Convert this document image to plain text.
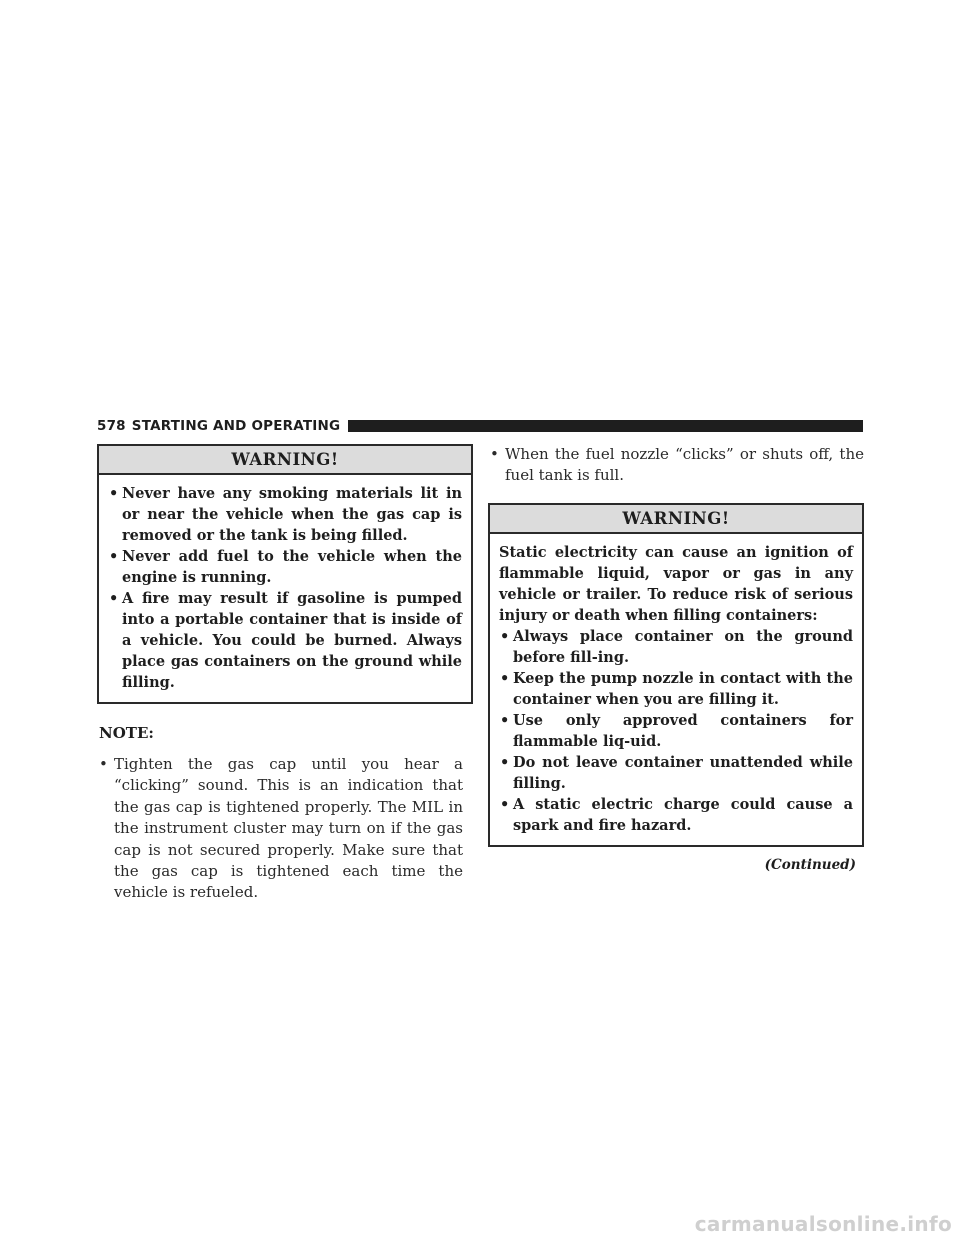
578 STARTING AND OPERATING
WARNING!
• Never have any smoking materials lit in or near the vehicle when the gas cap is removed or the tank is being filled.
• Never add fuel to the vehicle when the engine is running.
• A fire may result if gasoline is pumped into a portable container that is inside of a vehicle. You could be burned. Always place gas containers on the ground while filling.
NOTE:
• Tighten the gas cap until you hear a “clicking” sound. This is an indication that the gas cap is tightened properly. The MIL in the instrument cluster may turn on if the gas cap is not secured properly. Make sure that the gas cap is tightened each time the vehicle is refueled.
• When the fuel nozzle “clicks” or shuts off, the fuel tank is full.
WARNING!

Static electricity can cause an ignition of flammable liquid, vapor or gas in any vehicle or trailer. To reduce risk of serious injury or death when filling containers:

• Always place container on the ground before fill-ing.
• Keep the pump nozzle in contact with the container when you are filling it.
• Use only approved containers for flammable liq-uid.
• Do not leave container unattended while filling.
• A static electric charge could cause a spark and fire hazard.
(Continued)
carmanualsonline.info
